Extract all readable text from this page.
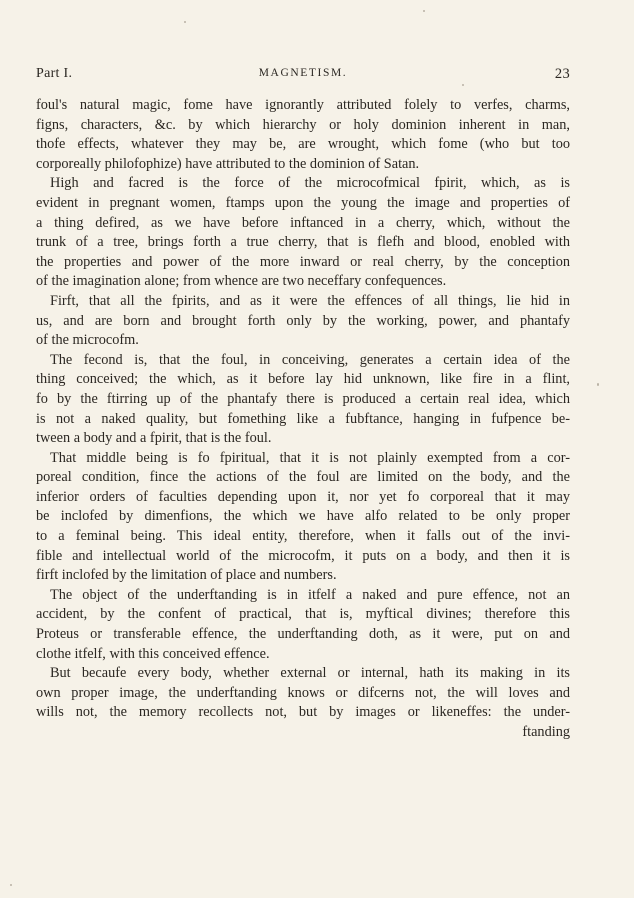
Part I.	MAGNETISM.	23
foul's natural magic, fome have ignorantly attributed folely to verfes, charms,
figns, characters, &c. by which hierarchy or holy dominion inherent in man,
thofe effects, whatever they may be, are wrought, which fome (who but too
corporeally philofophize) have attributed to the dominion of Satan.
High and facred is the force of the microcofmical fpirit, which, as is
evident in pregnant women, ftamps upon the young the image and properties of
a thing defired, as we have before inftanced in a cherry, which, without the
trunk of a tree, brings forth a true cherry, that is flefh and blood, enobled with
the properties and power of the more inward or real cherry, by the conception
of the imagination alone; from whence are two neceffary confequences.
Firft, that all the fpirits, and as it were the effences of all things, lie hid in
us, and are born and brought forth only by the working, power, and phantafy
of the microcofm.
The fecond is, that the foul, in conceiving, generates a certain idea of the
thing conceived; the which, as it before lay hid unknown, like fire in a flint,
fo by the ftirring up of the phantafy there is produced a certain real idea, which
is not a naked quality, but fomething like a fubftance, hanging in fufpence be-
tween a body and a fpirit, that is the foul.
That middle being is fo fpiritual, that it is not plainly exempted from a cor-
poreal condition, fince the actions of the foul are limited on the body, and the
inferior orders of faculties depending upon it, nor yet fo corporeal that it may
be inclofed by dimenfions, the which we have alfo related to be only proper
to a feminal being. This ideal entity, therefore, when it falls out of the invi-
fible and intellectual world of the microcofm, it puts on a body, and then it is
firft inclofed by the limitation of place and numbers.
The object of the underftanding is in itfelf a naked and pure effence, not an
accident, by the confent of practical, that is, myftical divines; therefore this
Proteus or transferable effence, the underftanding doth, as it were, put on and
clothe itfelf, with this conceived effence.
But becaufe every body, whether external or internal, hath its making in its
own proper image, the underftanding knows or difcerns not, the will loves and
wills not, the memory recollects not, but by images or likeneffes: the under-
ftanding
